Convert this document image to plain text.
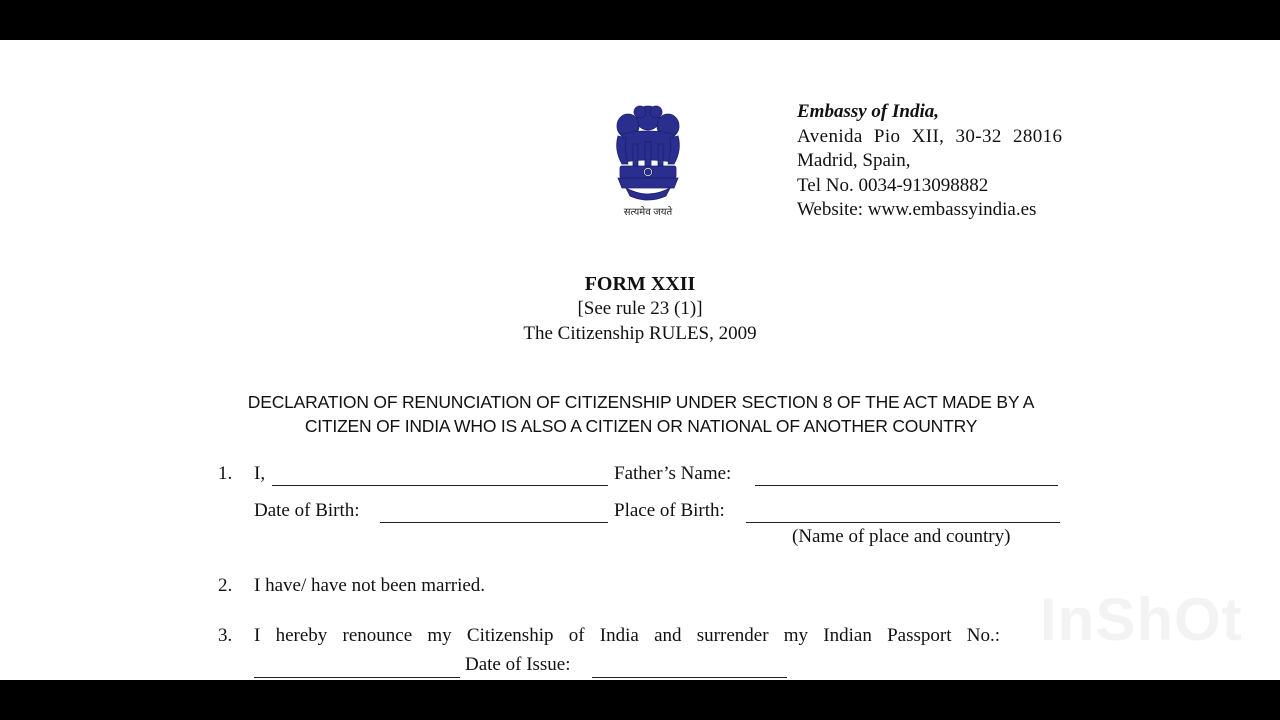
सत्यमेव जयते
Embassy of India,
Avenida Pio XII, 30-32 28016
Madrid, Spain,
Tel No. 0034-913098882
Website: www.embassyindia.es
FORM XXII
[See rule 23 (1)]
The Citizenship RULES, 2009
DECLARATION OF RENUNCIATION OF CITIZENSHIP UNDER SECTION 8 OF THE ACT MADE BY A
CITIZEN OF INDIA WHO IS ALSO A CITIZEN OR NATIONAL OF ANOTHER COUNTRY
1. I,	Father’s Name:
Date of Birth:	Place of Birth:
(Name of place and country)
2. I have/ have not been married.
3. I hereby renounce my Citizenship of India and surrender my Indian Passport No.:
Date of Issue:
InShOt
